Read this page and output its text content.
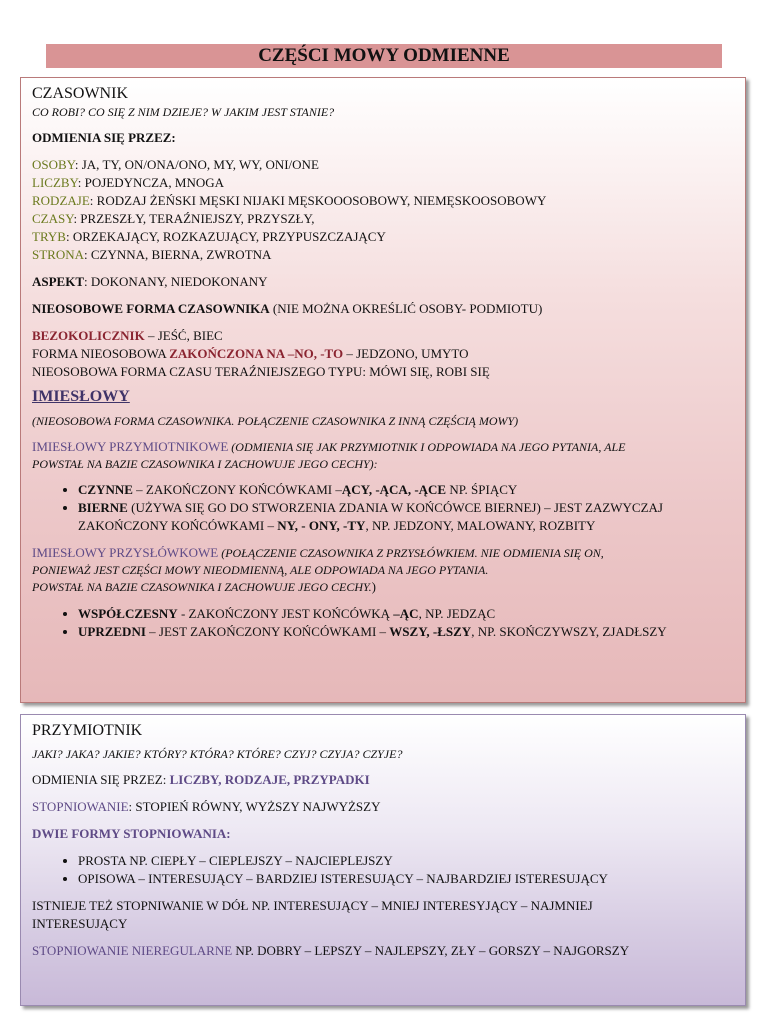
CZĘŚCI MOWY ODMIENNE

CZASOWNIK

CO ROBI? CO SIĘ Z NIM DZIEJE? W JAKIM JEST STANIE?

ODMIENIA SIĘ PRZEZ:

OSOBY: JA, TY, ON/ONA/ONO, MY, WY, ONI/ONE

LICZBY: POJEDYNCZA, MNOGA

RODZAJE: RODZAJ ŻEŃSKI MĘSKI NIJAKI MĘSKOOOSOBOWY, NIEMĘSKOOSOBOWY

CZASY: PRZESZŁY, TERAŹNIEJSZY, PRZYSZŁY,

TRYB: ORZEKAJĄCY, ROZKAZUJĄCY, PRZYPUSZCZAJĄCY

STRONA: CZYNNA, BIERNA, ZWROTNA

ASPEKT: DOKONANY, NIEDOKONANY

NIEOSOBOWE FORMA CZASOWNIKA (NIE MOŻNA OKREŚLIĆ OSOBY- PODMIOTU)

BEZOKOLICZNIK – JEŚĆ, BIEC

FORMA NIEOSOBOWA ZAKOŃCZONA NA –NO, -TO – JEDZONO, UMYTO

NIEOSOBOWA FORMA CZASU TERAŹNIEJSZEGO TYPU: MÓWI SIĘ, ROBI SIĘ

IMIESŁOWY

(NIEOSOBOWA FORMA CZASOWNIKA. POŁĄCZENIE CZASOWNIKA Z INNĄ CZĘŚCIĄ MOWY)

IMIESŁOWY PRZYMIOTNIKOWE (ODMIENIA SIĘ JAK PRZYMIOTNIK I ODPOWIADA NA JEGO PYTANIA, ALE

POWSTAŁ NA BAZIE CZASOWNIKA I ZACHOWUJE JEGO CECHY):

• CZYNNE – ZAKOŃCZONY KOŃCÓWKAMI –ĄCY, -ĄCA, -ĄCE NP. ŚPIĄCY
• BIERNE (UŻYWA SIĘ GO DO STWORZENIA ZDANIA W KOŃCÓWCE BIERNEJ) – JEST ZAZWYCZAJ
ZAKOŃCZONY KOŃCÓWKAMI – NY, - ONY, -TY, NP. JEDZONY, MALOWANY, ROZBITY

IMIESŁOWY PRZYSŁÓWKOWE (POŁĄCZENIE CZASOWNIKA Z PRZYSŁÓWKIEM. NIE ODMIENIA SIĘ ON,

PONIEWAŻ JEST CZĘŚCI MOWY NIEODMIENNĄ, ALE ODPOWIADA NA JEGO PYTANIA.

POWSTAŁ NA BAZIE CZASOWNIKA I ZACHOWUJE JEGO CECHY.)

• WSPÓŁCZESNY - ZAKOŃCZONY JEST KOŃCÓWKĄ –ĄC, NP. JEDZĄC
• UPRZEDNI – JEST ZAKOŃCZONY KOŃCÓWKAMI – WSZY, -ŁSZY, NP. SKOŃCZYWSZY, ZJADŁSZY

PRZYMIOTNIK

JAKI? JAKA? JAKIE? KTÓRY? KTÓRA? KTÓRE? CZYJ? CZYJA? CZYJE?

ODMIENIA SIĘ PRZEZ: LICZBY, RODZAJE, PRZYPADKI

STOPNIOWANIE: STOPIEŃ RÓWNY, WYŻSZY NAJWYŻSZY

DWIE FORMY STOPNIOWANIA:

• PROSTA NP. CIEPŁY – CIEPLEJSZY – NAJCIEPLEJSZY
• OPISOWA – INTERESUJĄCY – BARDZIEJ ISTERESUJĄCY – NAJBARDZIEJ ISTERESUJĄCY

ISTNIEJE TEŻ STOPNIWANIE W DÓŁ NP. INTERESUJĄCY – MNIEJ INTERESYJĄCY – NAJMNIEJ

INTERESUJĄCY

STOPNIOWANIE NIEREGULARNE NP. DOBRY – LEPSZY – NAJLEPSZY, ZŁY – GORSZY – NAJGORSZY
